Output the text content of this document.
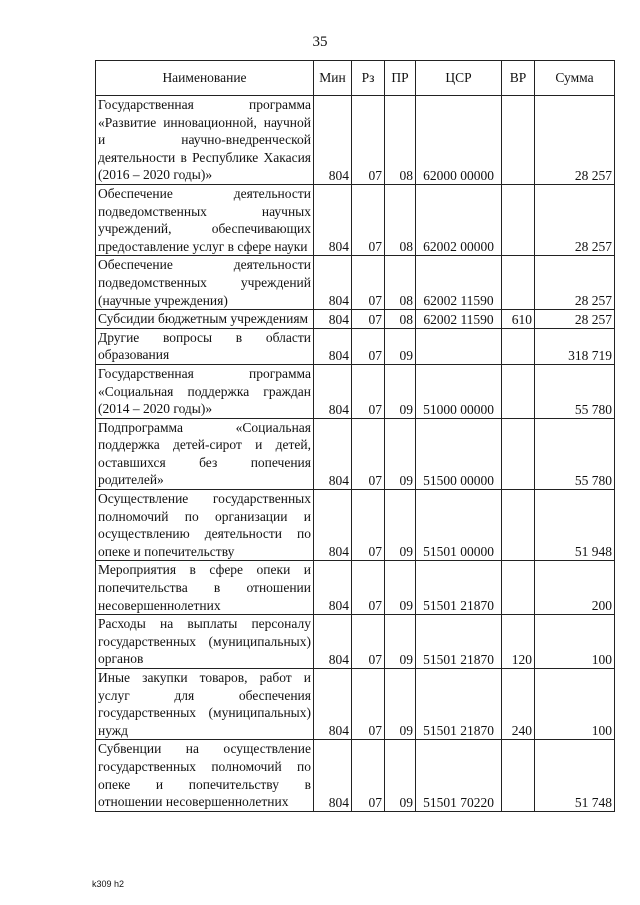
35
Наименование	Мин	Рз	ПР	ЦСР	ВР	Сумма
Государственная программа «Развитие инновационной, научной и научно-внедренческой деятельности в Республике Хакасия (2016 – 2020 годы)»	804	07	08	62000 00000		28 257
Обеспечение деятельности подведомственных научных учреждений, обеспечивающих предоставление услуг в сфере науки	804	07	08	62002 00000		28 257
Обеспечение деятельности подведомственных учреждений (научные учреждения)	804	07	08	62002 11590		28 257
Субсидии бюджетным учреждениям	804	07	08	62002 11590	610	28 257
Другие вопросы в области образования	804	07	09			318 719
Государственная программа «Социальная поддержка граждан (2014 – 2020 годы)»	804	07	09	51000 00000		55 780
Подпрограмма «Социальная поддержка детей-сирот и детей, оставшихся без попечения родителей»	804	07	09	51500 00000		55 780
Осуществление государственных полномочий по организации и осуществлению деятельности по опеке и попечительству	804	07	09	51501 00000		51 948
Мероприятия в сфере опеки и попечительства в отношении несовершеннолетних	804	07	09	51501 21870		200
Расходы на выплаты персоналу государственных (муниципальных) органов	804	07	09	51501 21870	120	100
Иные закупки товаров, работ и услуг для обеспечения государственных (муниципальных) нужд	804	07	09	51501 21870	240	100
Субвенции на осуществление государственных полномочий по опеке и попечительству в отношении несовершеннолетних	804	07	09	51501 70220		51 748
k309 h2
